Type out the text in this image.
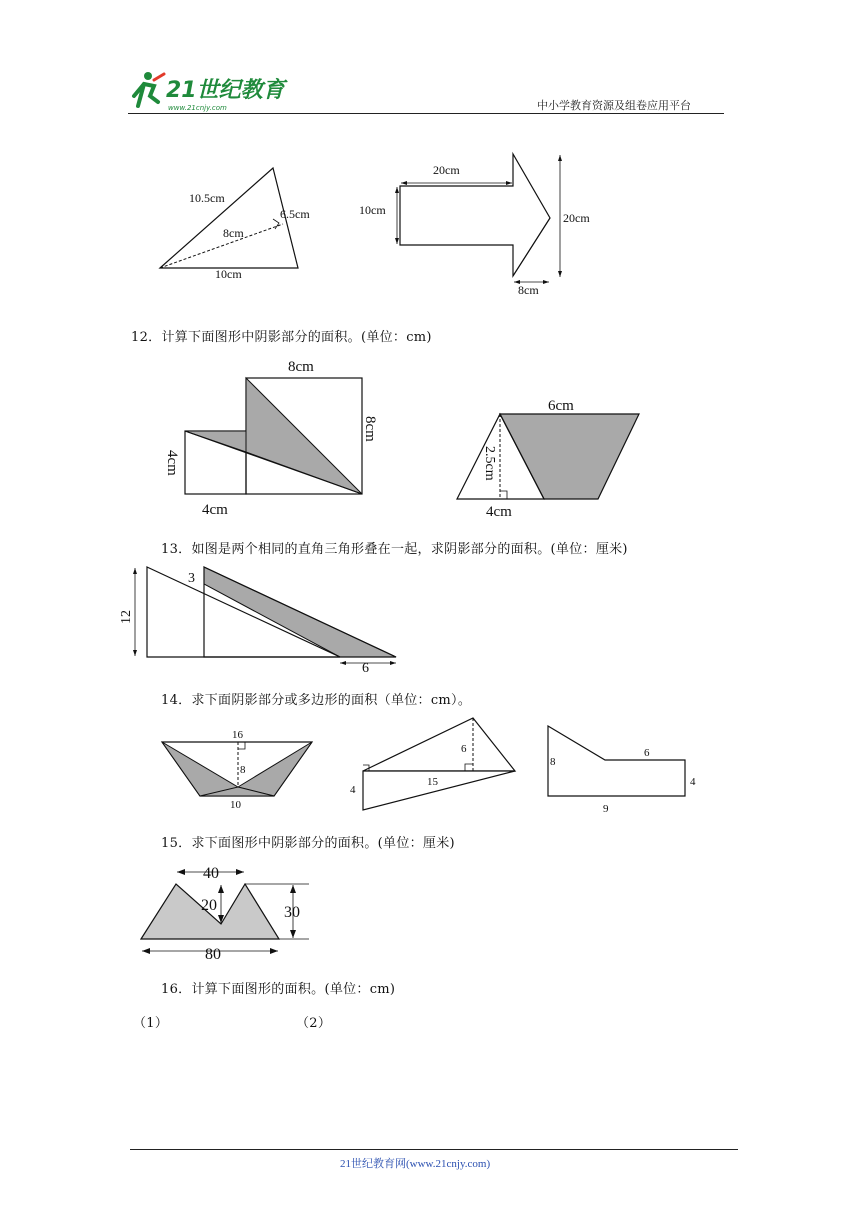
21世纪教育
www.21cnjy.com	中小学教育资源及组卷应用平台
10.5cm
6.5cm
8cm
10cm
20cm
10cm
20cm
8cm
12．计算下面图形中阴影部分的面积。(单位：cm)
8cm
8cm
4cm
4cm
6cm
2.5cm
4cm
13．如图是两个相同的直角三角形叠在一起，求阴影部分的面积。(单位：厘米)
12
3
6
14．求下面阴影部分或多边形的面积（单位：cm）。
16
8
10
6
15
4
8
6
4
9
15．求下面图形中阴影部分的面积。(单位：厘米)
40
20	30
80
16．计算下面图形的面积。(单位：cm)
（1）	（2）
21世纪教育网(www.21cnjy.com)
